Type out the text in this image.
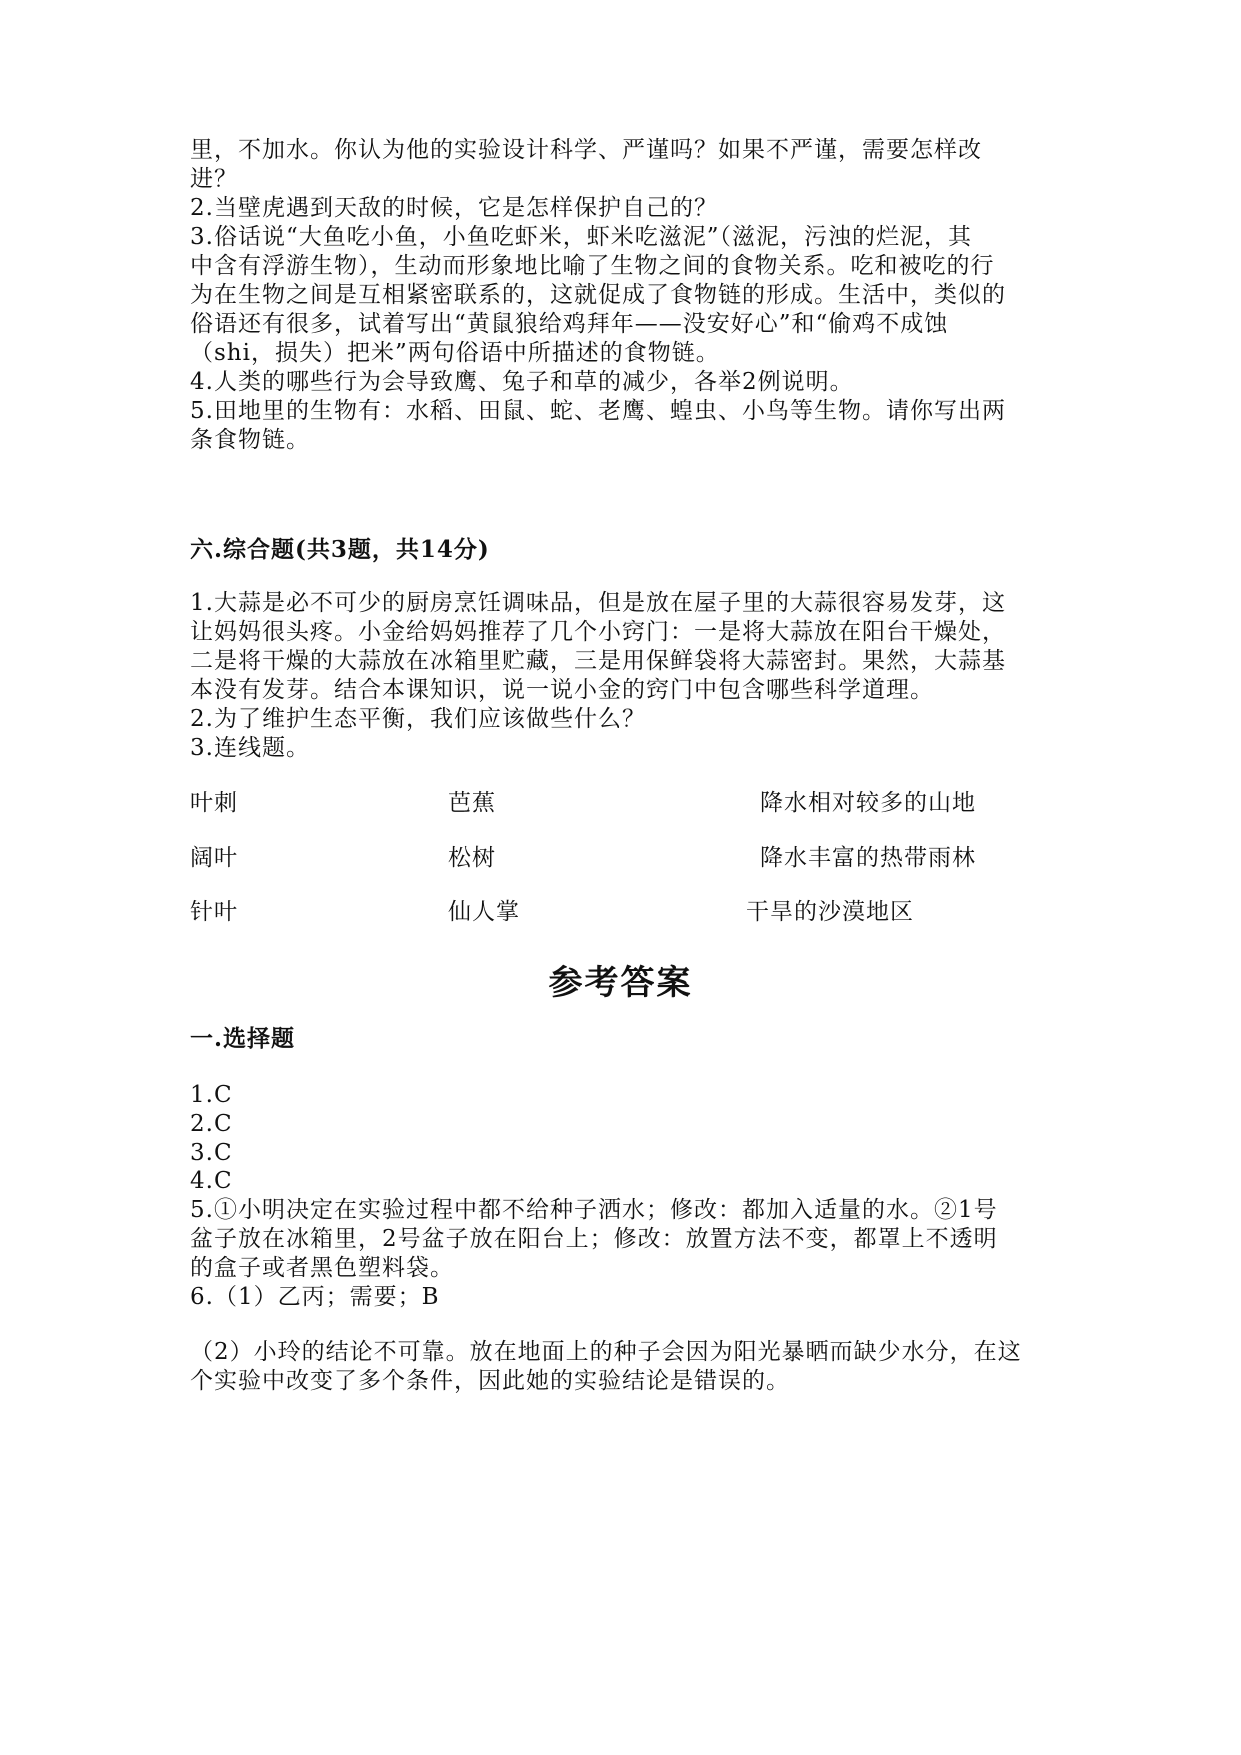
里，不加水。你认为他的实验设计科学、严谨吗？如果不严谨，需要怎样改
进？
2.当壁虎遇到天敌的时候，它是怎样保护自己的？
3.俗话说“大鱼吃小鱼，小鱼吃虾米，虾米吃滋泥”（滋泥，污浊的烂泥，其
中含有浮游生物），生动而形象地比喻了生物之间的食物关系。吃和被吃的行
为在生物之间是互相紧密联系的，这就促成了食物链的形成。生活中，类似的
俗语还有很多，试着写出“黄鼠狼给鸡拜年——没安好心”和“偷鸡不成蚀
（shi，损失）把米”两句俗语中所描述的食物链。
4.人类的哪些行为会导致鹰、兔子和草的减少，各举2例说明。
5.田地里的生物有：水稻、田鼠、蛇、老鹰、蝗虫、小鸟等生物。请你写出两
条食物链。
六.综合题(共3题，共14分)
1.大蒜是必不可少的厨房烹饪调味品，但是放在屋子里的大蒜很容易发芽，这
让妈妈很头疼。小金给妈妈推荐了几个小窍门：一是将大蒜放在阳台干燥处，
二是将干燥的大蒜放在冰箱里贮藏，三是用保鲜袋将大蒜密封。果然，大蒜基
本没有发芽。结合本课知识，说一说小金的窍门中包含哪些科学道理。
2.为了维护生态平衡，我们应该做些什么？
3.连线题。
叶刺	芭蕉	降水相对较多的山地
阔叶	松树	降水丰富的热带雨林
针叶	仙人掌	干旱的沙漠地区
参考答案
一.选择题
1.C
2.C
3.C
4.C
5.①小明决定在实验过程中都不给种子洒水；修改：都加入适量的水。②1号
盆子放在冰箱里，2号盆子放在阳台上；修改：放置方法不变，都罩上不透明
的盒子或者黑色塑料袋。
6.（1）乙丙；需要；B
（2）小玲的结论不可靠。放在地面上的种子会因为阳光暴晒而缺少水分，在这
个实验中改变了多个条件，因此她的实验结论是错误的。
